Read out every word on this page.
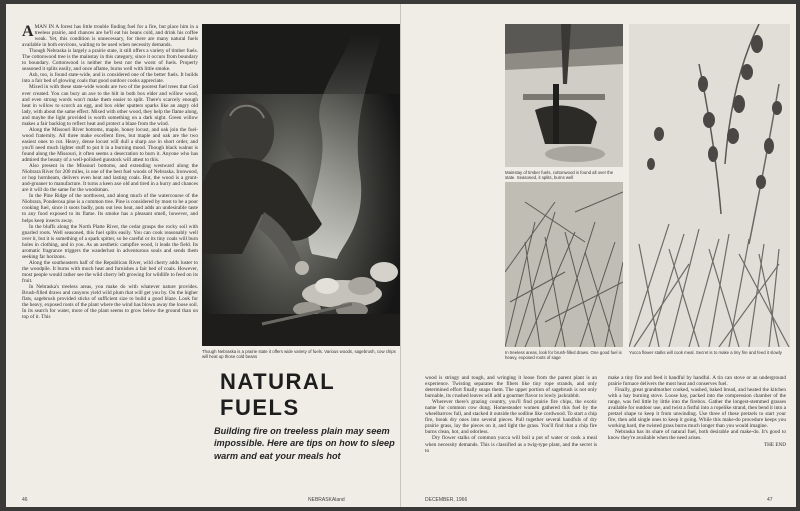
AMAN IN A forest has little trouble finding fuel for a fire, but place him in a treeless prairie, and chances are he'll eat his beans cold, and drink his coffee weak. Yet, this condition is unnecessary, for there are many natural fuels available in both environs, waiting to be used when necessity demands.

Though Nebraska is largely a prairie state, it still offers a variety of timber fuels. The cottonwood tree is the mainstay in this category, since it occurs from boundary to boundary. Cottonwood is neither the best nor the worst of fuels. Properly seasoned it splits easily, and once aflame, burns well with little smoke.

Ash, too, is found state-wide, and is considered one of the better fuels. It builds into a fair bed of glowing coals that good outdoor cooks appreciate.

Mixed in with these state-wide woods are two of the poorest fuel trees that God ever created. You can bury an axe to the hilt in both box elder and willow wood, and even strong words won't make them easier to split. There's scarcely enough heat in willow to scorch an egg, and box elder sputters sparks like an angry old lady, with about the same effect. Mixed with other wood, they help the flame along, and maybe the light provided is worth something on a dark night. Green willow makes a fair backlog to reflect heat and protect a blaze from the wind.

Along the Missouri River bottoms, maple, honey locust, and oak join the fuel-wood fraternity. All three make excellent fires, but maple and oak are the two easiest ones to cut. Heavy, dense locust will dull a sharp axe in short order, and you'll need much lighter stuff to put it in a burning mood. Though black walnut is found along the Missouri, it often seems a desecration to burn it. Anyone who has admired the beauty of a well-polished gunstock will attest to this.

Also present in the Missouri bottoms, and extending westward along the Niobrara River for 200 miles, is one of the best fuel woods of Nebraska. Ironwood, or hop hornbeam, delivers even heat and lasting coals. But, the wood is a grunt-and-groaner to manufacture. It turns a keen axe old and tired in a hurry and chances are it will do the same for the woodsman.

In the Pine Ridge of the northwest, and along much of the watercourse of the Niobrara, Ponderosa pine is a common tree. Pine is considered by most to be a poor cooking fuel, since it soots badly, puts out less heat, and adds an undesirable taste to any food exposed to its flame. Its smoke has a pleasant smell, however, and helps keep insects away.

In the bluffs along the North Platte River, the cedar grasps the rocky soil with gnarled roots. Well seasoned, this fuel splits easily. You can cook reasonably well over it, but it is something of a spark spitter, so be careful or its tiny coals will burn holes in clothing, and in you. As an aesthetic campfire wood, it leads the field. Its aromatic fragrance triggers the wanderlust in adventurous souls and sends them seeking far horizons.

Along the southeastern half of the Republican River, wild cherry adds luster to the woodpile. It burns with much heat and furnishes a fair bed of coals. However, most people would rather see the wild cherry left growing for wildlife to feed on its fruit.

In Nebraska's treeless areas, you make do with whatever nature provides. Brush-filled draws and canyons yield wild plum that will get you by. On the higher flats, sagebrush provided sticks of sufficient size to build a good blaze. Look for the heavy, exposed roots of the plant where the wind has blown away the loose soil. In its search for water, more of the plant seems to grow below the ground than on top of it. This

Though Nebraska is a prairie state it offers wide variety of fuels. Various woods, sagebrush, cow chips will heat up those cold beans
NATURAL FUELS
Building fire on treeless plain may seem impossible. Here are tips on how to sleep warm and eat your meals hot
46	NEBRASKAland
Mainstay of timber fuels, cottonwood is found all over the state. Seasoned, it splits, burns well
In treeless areas, look for brush-filled draws. One good fuel is heavy, exposed roots of sage
Yucca flower stalks will cook meal. Secret is to make a tiny fire and feed it slowly

wood is stringy and tough, and wringing it loose from the parent plant is an experience. Twisting separates the fibers like tiny rope strands, and only determined effort finally snaps them. The upper portion of sagebrush is not only burnable, its crushed leaves will add a gourmet flavor to lowly jackrabbit.

Wherever there's grazing country, you'll find prairie fire chips, the exotic name for common cow dung. Homesteader women gathered this fuel by the wheelbarrow full, and stacked it outside the sodline like cordwood. To start a chip fire, break dry ones into several pieces. Pull together several handfuls of dry prairie grass, lay the pieces on it, and light the grass. You'll find that a chip fire burns clean, hot, and odorless.

Dry flower stalks of common yucca will boil a pot of water or cook a meal when necessity demands. This is classified as a twig-type plant, and the secret is to

make a tiny fire and feed it handful by handful. A tin can stove or an underground prairie furnace delivers the most heat and conserves fuel.

Finally, great grandmother cooked, washed, baked bread, and heated the kitchen with a hay burning stove. Loose hay, packed into the compression chamber of the range, was fed little by little into the firebox. Gather the longest-stemmed grasses available for outdoor use, and twist a fistful into a ropelike strand, then bend it into a pretzel shape to keep it from unwinding. Use three of these pretzels to start your fire, then add single ones to keep it going. While this make-do procedure keeps you working hard, the twisted grass burns much longer than you would imagine.

Nebraska has its share of natural fuel, both desirable and make-do. It's good to know they're available when the need arises.

THE END
DECEMBER, 1966	47
